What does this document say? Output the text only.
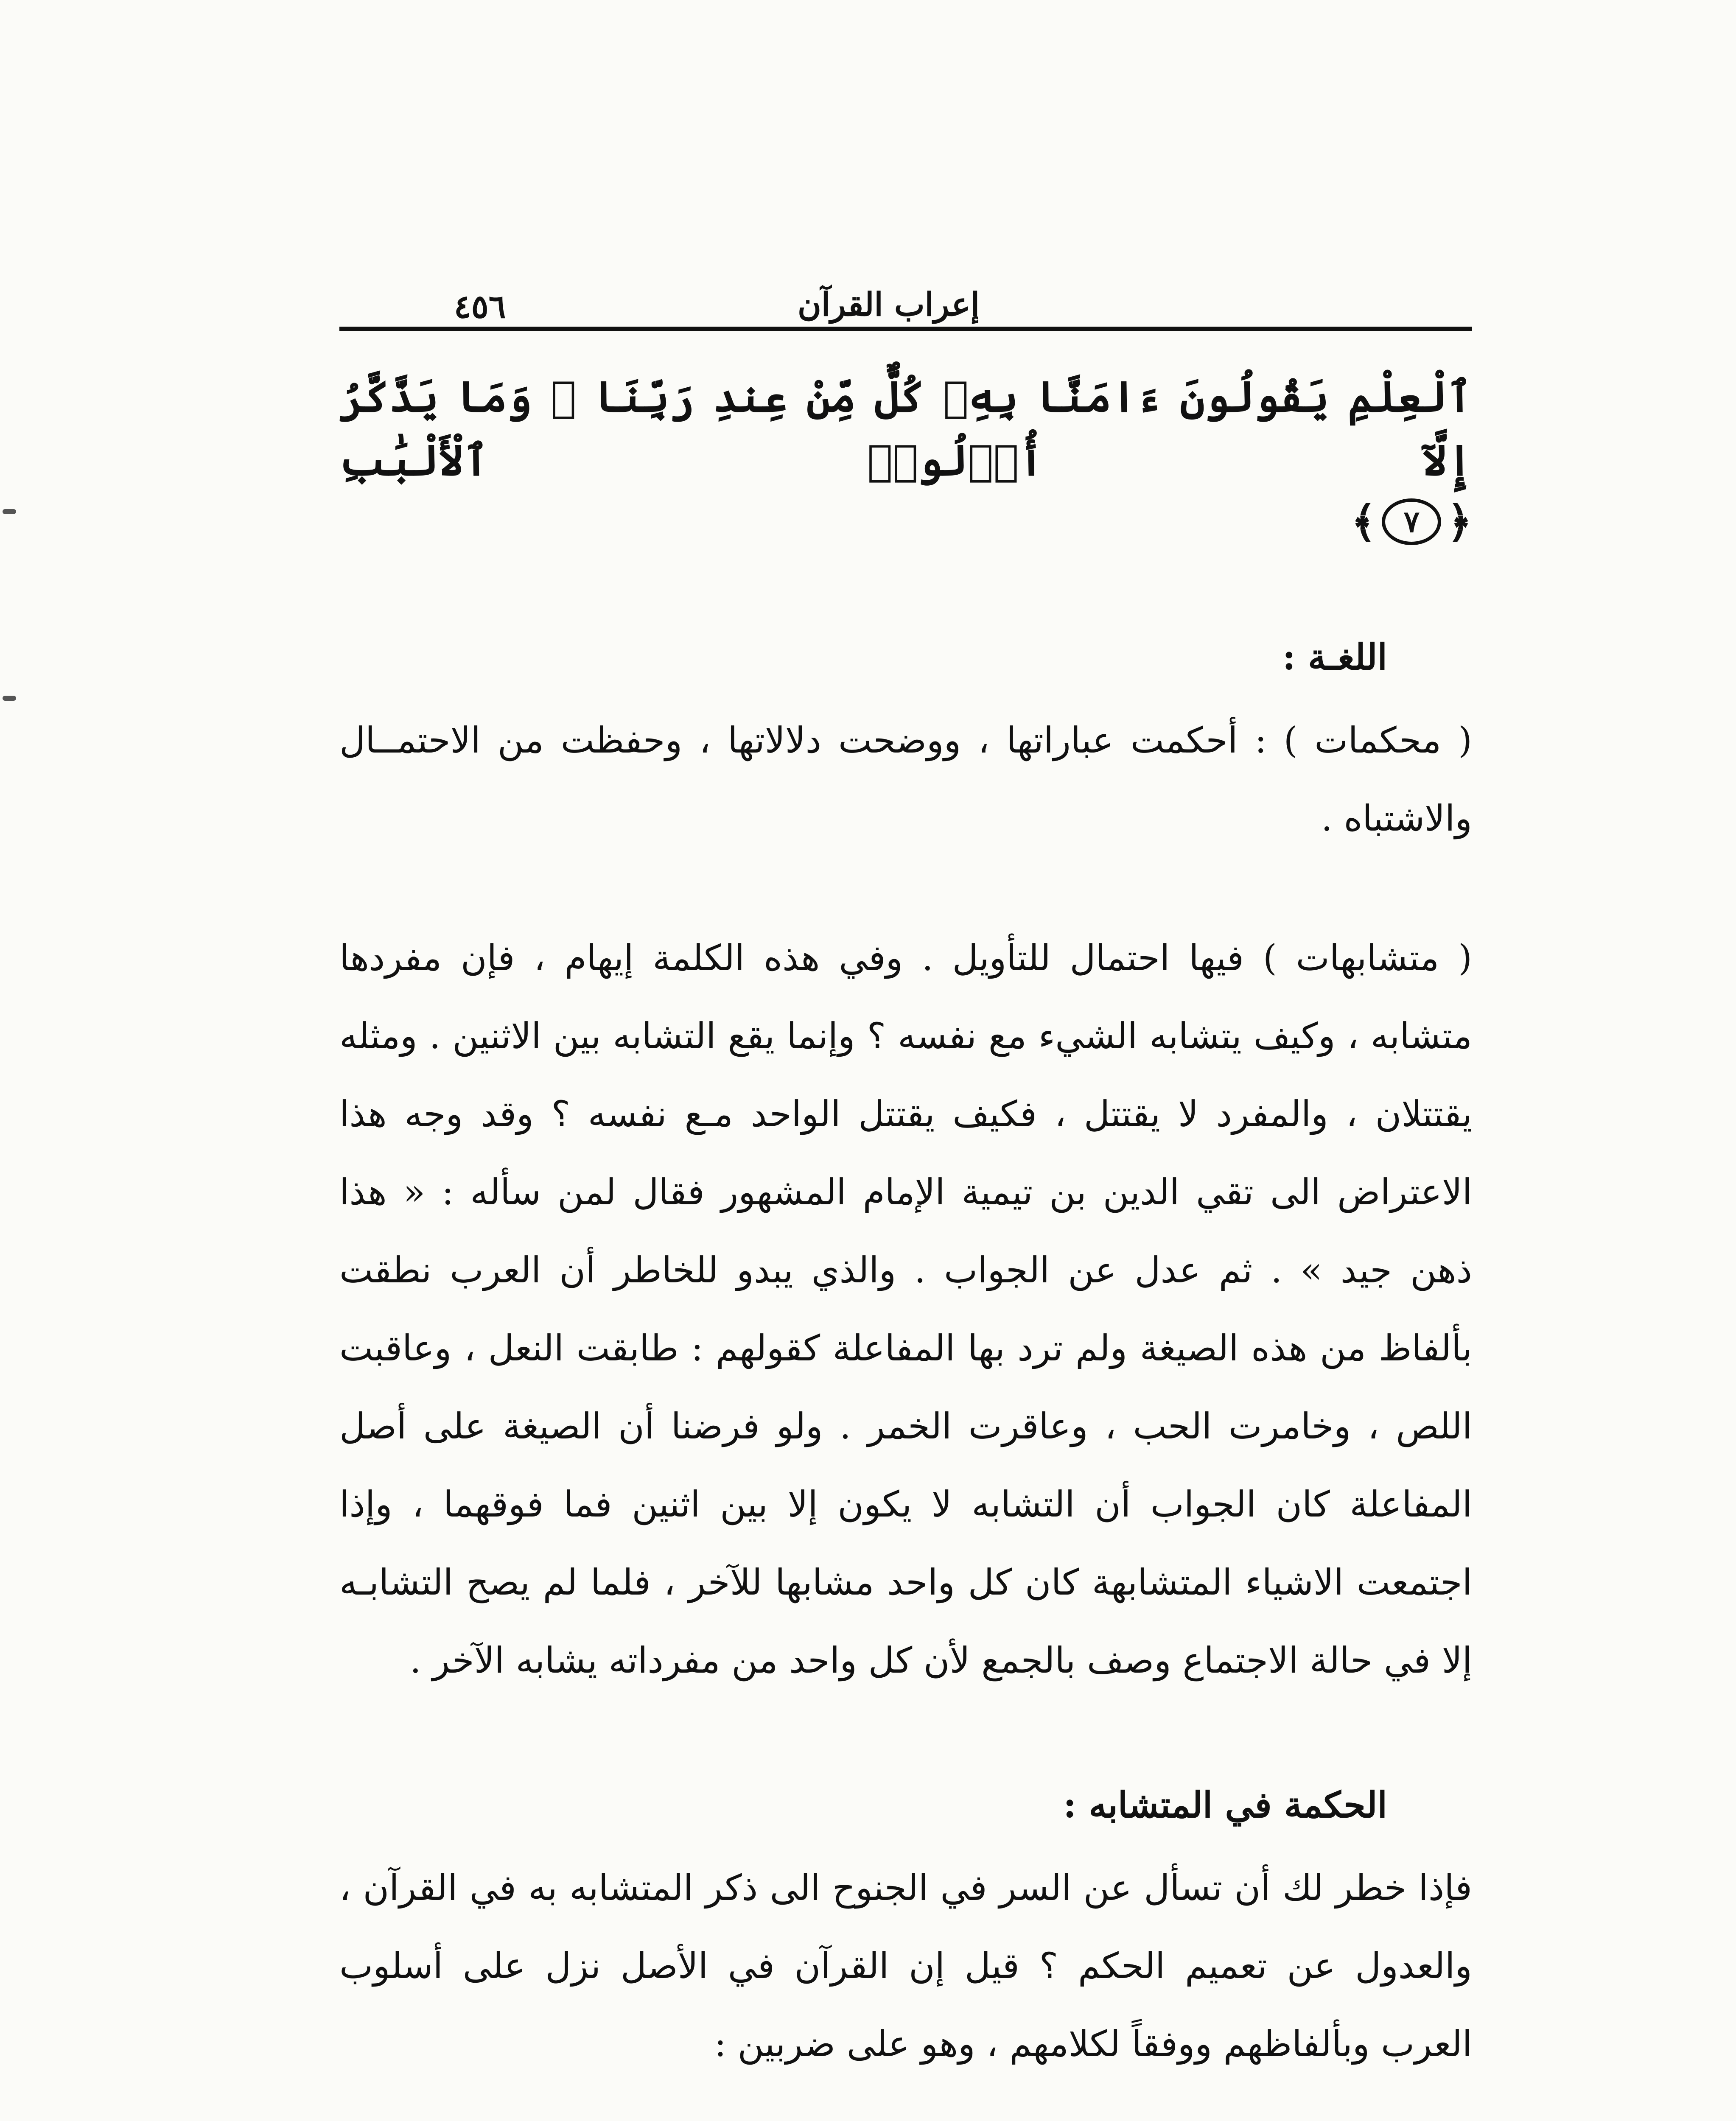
٤٥٦	إعراب القرآن
ٱلْعِلْمِ يَقُولُونَ ءَامَنَّا بِهِۦ كُلٌّ مِّنْ عِندِ رَبِّنَا ۗ وَمَا يَذَّكَّرُ إِلَّآ أُو۟لُوا۟ ٱلْأَلْبَٰبِ
﴿
٧
﴾
اللغـة :

( محكمات ) : أحكمت عباراتها ، ووضحت دلالاتها ، وحفظت من الاحتمــال والاشتباه .

( متشابهات ) فيها احتمال للتأويل . وفي هذه الكلمة إيهام ، فإن مفردها متشابه ، وكيف يتشابه الشيء مع نفسه ؟ وإنما يقع التشابه بين الاثنين . ومثله يقتتلان ، والمفرد لا يقتتل ، فكيف يقتتل الواحد مـع نفسه ؟ وقد وجه هذا الاعتراض الى تقي الدين بن تيمية الإمام المشهور فقال لمن سأله : « هذا ذهن جيد » . ثم عدل عن الجواب . والذي يبدو للخاطر أن العرب نطقت بألفاظ من هذه الصيغة ولم ترد بها المفاعلة كقولهم : طابقت النعل ، وعاقبت اللص ، وخامرت الحب ، وعاقرت الخمر . ولو فرضنا أن الصيغة على أصل المفاعلة كان الجواب أن التشابه لا يكون إلا بين اثنين فما فوقهما ، وإذا اجتمعت الاشياء المتشابهة كان كل واحد مشابها للآخر ، فلما لم يصح التشابـه إلا في حالة الاجتماع وصف بالجمع لأن كل واحد من مفرداته يشابه الآخر .

الحكمة في المتشابه :

فإذا خطر لك أن تسأل عن السر في الجنوح الى ذكر المتشابه به في القرآن ، والعدول عن تعميم الحكم ؟ قيل إن القرآن في الأصل نزل على أسلوب العرب وبألفاظهم ووفقاً لكلامهم ، وهو على ضربين :
